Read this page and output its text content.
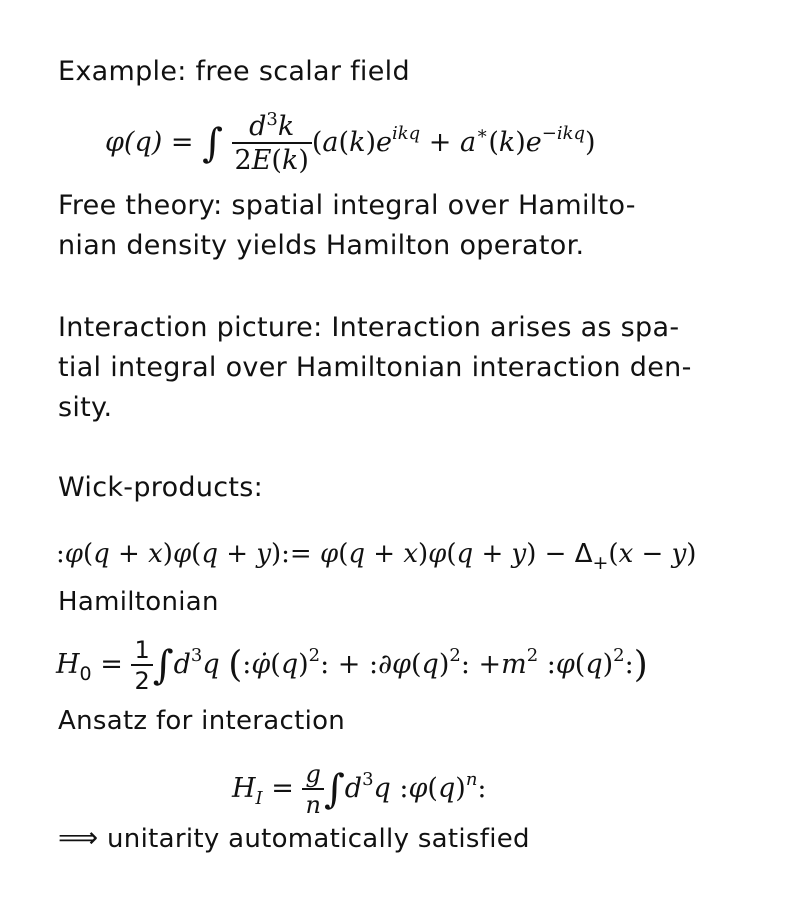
Example: free scalar field
φ(q) = ∫ $\frac{d^3k}{2E(k)} (a(k)e^{ikq} + a^∗(k)e^{-ikq})$
Free theory: spatial integral over Hamilto-
nian density yields Hamilton operator.
Interaction picture: Interaction arises as spa-
tial integral over Hamiltonian interaction den-
sity.
Wick-products:
:φ(q + x)φ(q + y):= $\varphi(q + x)\varphi(q + y) - \Delta_+(x - y)$
Hamiltonian
$H_0 = \frac{1}{2} \int d^3q$ ($:\varphi̇(q)^2$: + $:\partial\varphi(q)^2$: $+m^2$ $:\varphi(q)^2$:)
Ansatz for interaction
$H_I = \frac{g}{n} \int d^3q$ $:\varphi(q)^n$:
⟹ unitarity automatically satisfied
